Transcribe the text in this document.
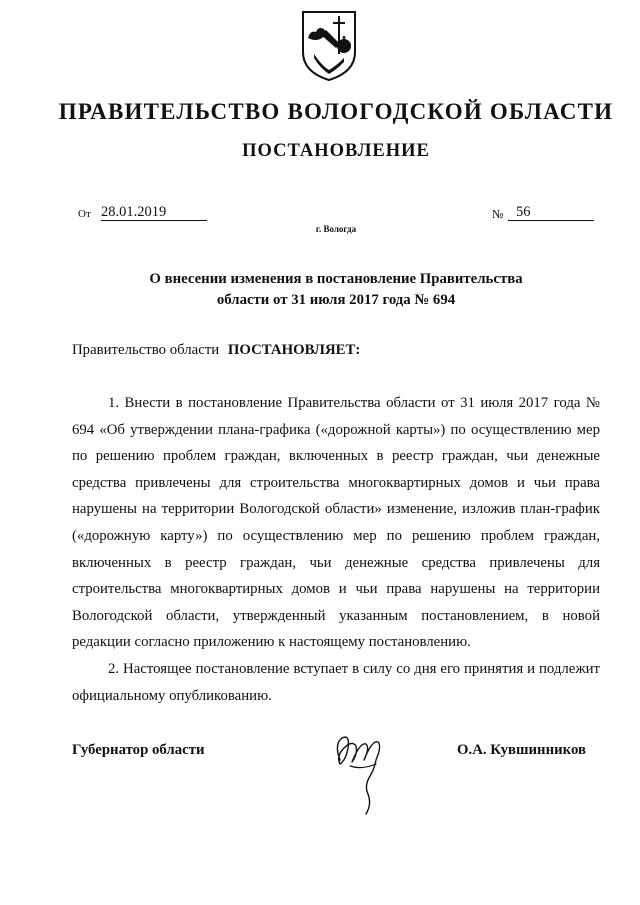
ПРАВИТЕЛЬСТВО ВОЛОГОДСКОЙ ОБЛАСТИ
ПОСТАНОВЛЕНИЕ
От 28.01.2019	№ 56
г. Вологда
О внесении изменения в постановление Правительства
области от 31 июля 2017 года № 694
Правительство области ПОСТАНОВЛЯЕТ:

1. Внести в постановление Правительства области от 31 июля 2017 года № 694 «Об утверждении плана-графика («дорожной карты») по осуществлению мер по решению проблем граждан, включенных в реестр граждан, чьи денежные средства привлечены для строительства многоквартирных домов и чьи права нарушены на территории Вологодской области» изменение, изложив план-график («дорожную карту») по осуществлению мер по решению проблем граждан, включенных в реестр граждан, чьи денежные средства привлечены для строительства многоквартирных домов и чьи права нарушены на территории Вологодской области, утвержденный указанным постановлением, в новой редакции согласно приложению к настоящему постановлению.

2. Настоящее постановление вступает в силу со дня его принятия и подлежит официальному опубликованию.

Губернатор области	О.А. Кувшинников
